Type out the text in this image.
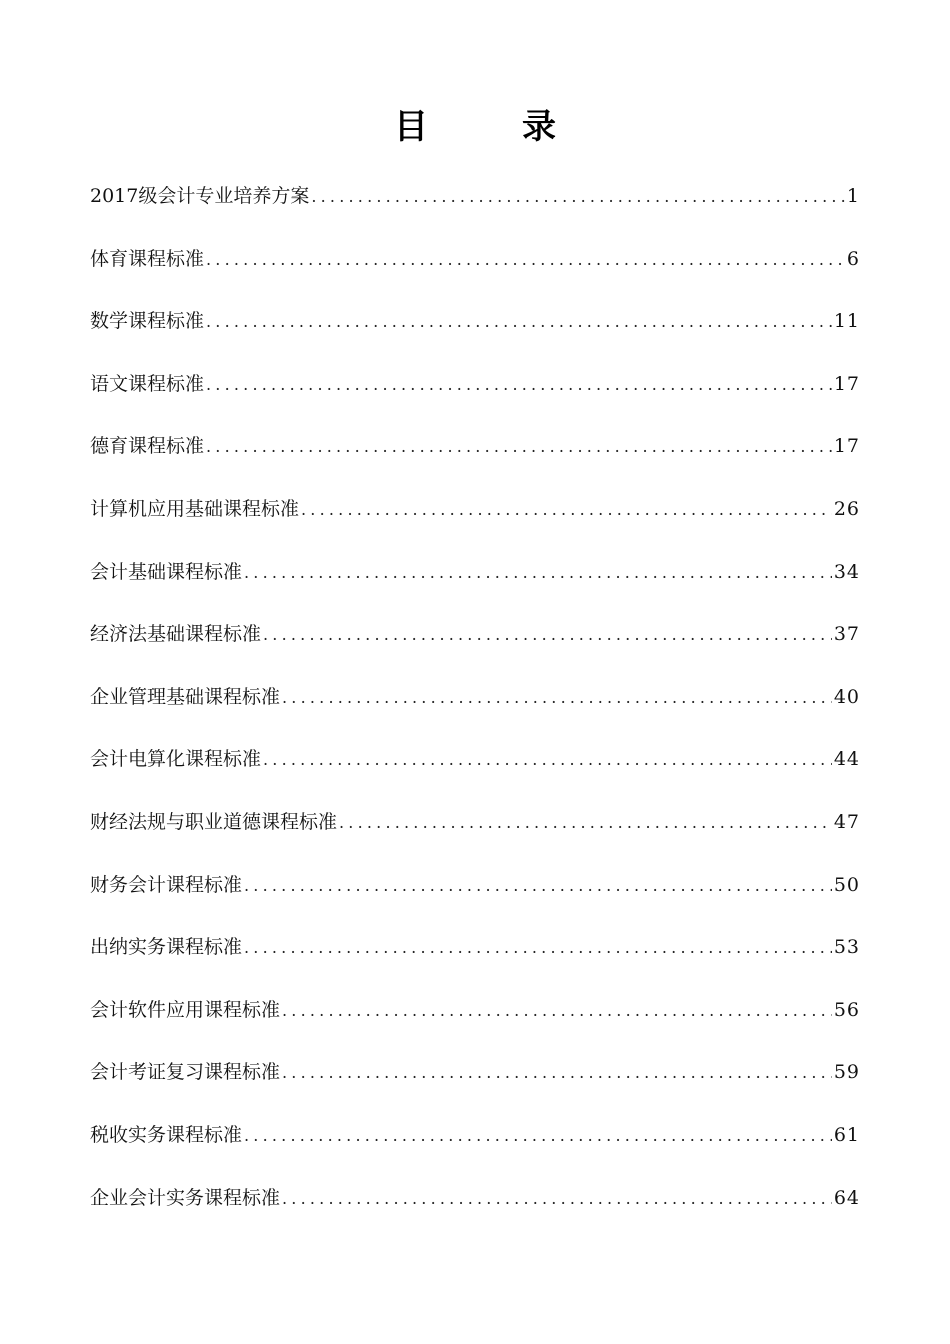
目　录
2017级会计专业培养方案 .....	1
体育课程标准 .....	6
数学课程标准 .....	11
语文课程标准 .....	17
德育课程标准 .....	17
计算机应用基础课程标准 .....	26
会计基础课程标准 .....	34
经济法基础课程标准 .....	37
企业管理基础课程标准 .....	40
会计电算化课程标准 .....	44
财经法规与职业道德课程标准 .....	47
财务会计课程标准 .....	50
出纳实务课程标准 .....	53
会计软件应用课程标准 .....	56
会计考证复习课程标准 .....	59
税收实务课程标准 .....	61
企业会计实务课程标准 .....	64
